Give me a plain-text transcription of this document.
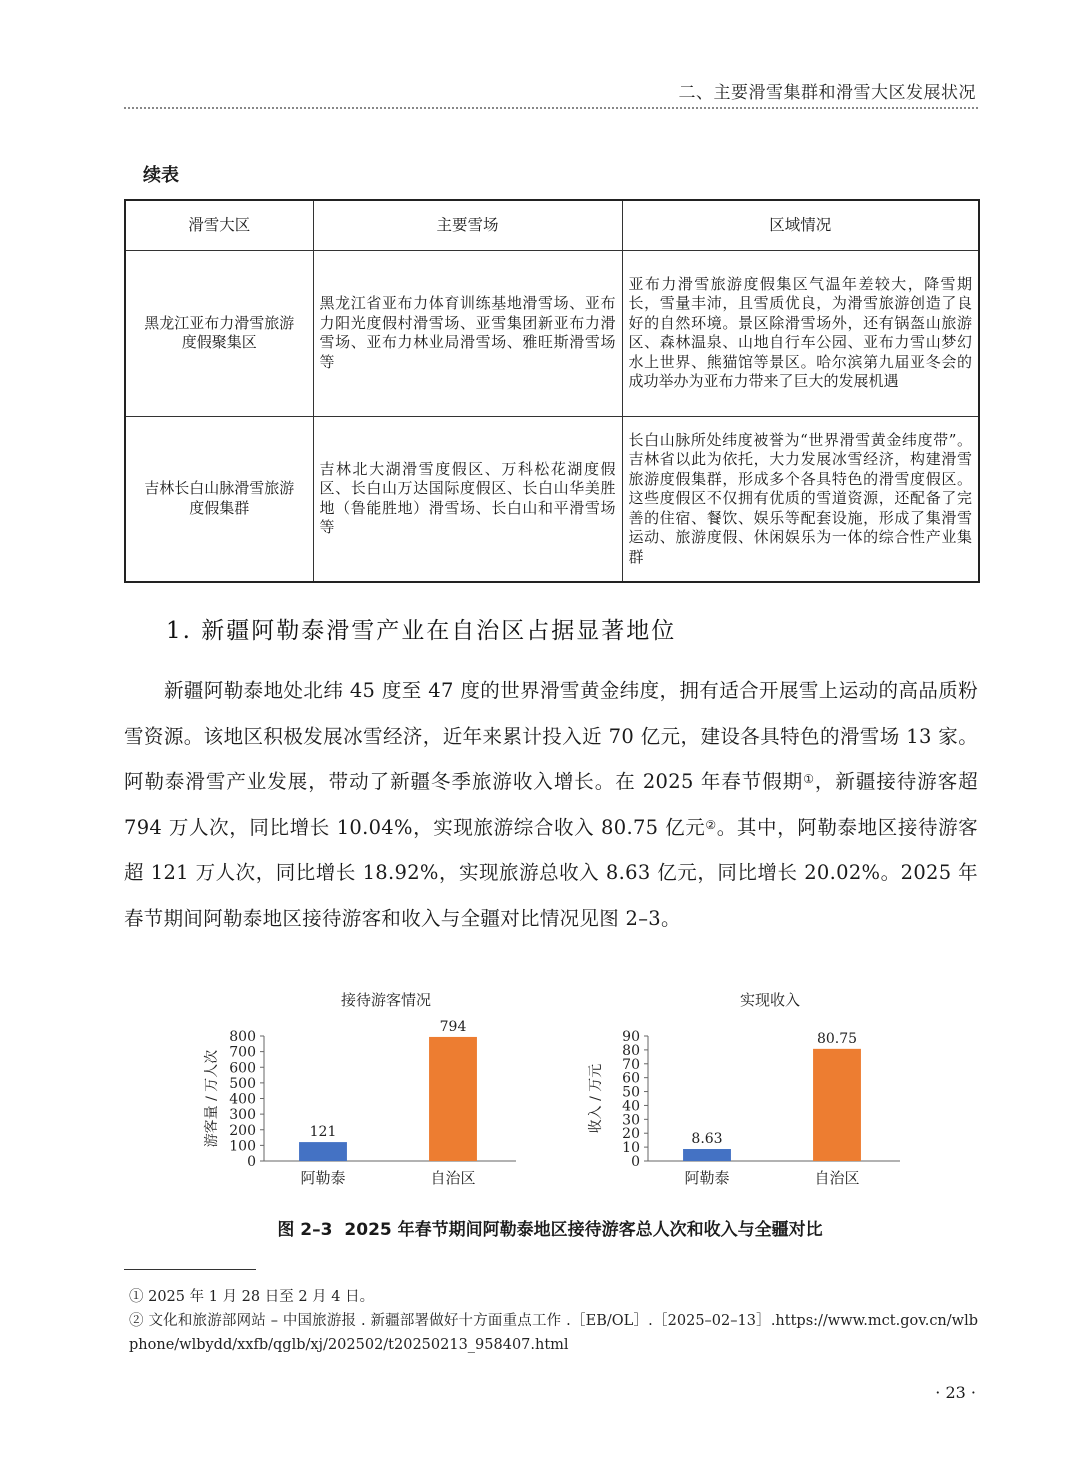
二、主要滑雪集群和滑雪大区发展状况
续表
滑雪大区	主要雪场	区域情况
黑龙江亚布力滑雪旅游度假聚集区	黑龙江省亚布力体育训练基地滑雪场、亚布力阳光度假村滑雪场、亚雪集团新亚布力滑雪场、亚布力林业局滑雪场、雅旺斯滑雪场等	亚布力滑雪旅游度假集区气温年差较大，降雪期长，雪量丰沛，且雪质优良，为滑雪旅游创造了良好的自然环境。景区除滑雪场外，还有锅盔山旅游区、森林温泉、山地自行车公园、亚布力雪山梦幻水上世界、熊猫馆等景区。哈尔滨第九届亚冬会的成功举办为亚布力带来了巨大的发展机遇
吉林长白山脉滑雪旅游度假集群	吉林北大湖滑雪度假区、万科松花湖度假区、长白山万达国际度假区、长白山华美胜地（鲁能胜地）滑雪场、长白山和平滑雪场等	长白山脉所处纬度被誉为“世界滑雪黄金纬度带”。吉林省以此为依托，大力发展冰雪经济，构建滑雪旅游度假集群，形成多个各具特色的滑雪度假区。这些度假区不仅拥有优质的雪道资源，还配备了完善的住宿、餐饮、娱乐等配套设施，形成了集滑雪运动、旅游度假、休闲娱乐为一体的综合性产业集群
1. 新疆阿勒泰滑雪产业在自治区占据显著地位

新疆阿勒泰地处北纬 45 度至 47 度的世界滑雪黄金纬度，拥有适合开展雪上运动的高品质粉雪资源。该地区积极发展冰雪经济，近年来累计投入近 70 亿元，建设各具特色的滑雪场 13 家。阿勒泰滑雪产业发展，带动了新疆冬季旅游收入增长。在 2025 年春节假期①，新疆接待游客超 794 万人次，同比增长 10.04%，实现旅游综合收入 80.75 亿元②。其中，阿勒泰地区接待游客超 121 万人次，同比增长 18.92%，实现旅游总收入 8.63 亿元，同比增长 20.02%。2025 年春节期间阿勒泰地区接待游客和收入与全疆对比情况见图 2–3。

接待游客情况
游客量 / 万人次
0
100
200
300
400
500
600
700
800
121
阿勒泰
794
自治区
实现收入
收入 / 万元
0
10
20
30
40
50
60
70
80
90
8.63
阿勒泰
80.75
自治区
图 2–3 2025 年春节期间阿勒泰地区接待游客总人次和收入与全疆对比

① 2025 年 1 月 28 日至 2 月 4 日。

② 文化和旅游部网站 – 中国旅游报 . 新疆部署做好十方面重点工作 .［EB/OL］.［2025–02–13］.https://www.mct.gov.cn/wlbphone/wlbydd/xxfb/qglb/xj/202502/t20250213_958407.html

· 23 ·
